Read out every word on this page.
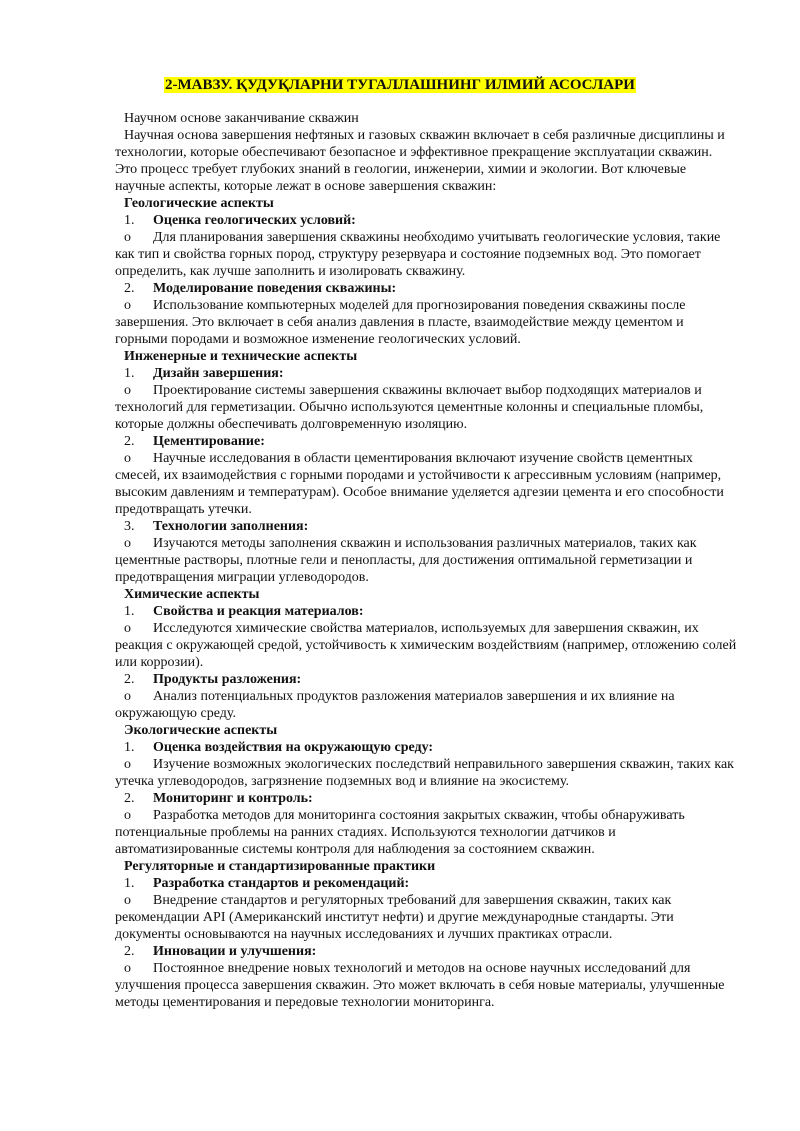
2-МАВЗУ. ҚУДУҚЛАРНИ ТУГАЛЛАШНИНГ ИЛМИЙ АСОСЛАРИ

Научном основе заканчивание скважин

Научная основа завершения нефтяных и газовых скважин включает в себя различные дисциплины и технологии, которые обеспечивают безопасное и эффективное прекращение эксплуатации скважин. Это процесс требует глубоких знаний в геологии, инженерии, химии и экологии. Вот ключевые научные аспекты, которые лежат в основе завершения скважин:

Геологические аспекты

1.	Оценка геологических условий:

o Для планирования завершения скважины необходимо учитывать геологические условия, такие как тип и свойства горных пород, структуру резервуара и состояние подземных вод. Это помогает определить, как лучше заполнить и изолировать скважину.

2.	Моделирование поведения скважины:

o Использование компьютерных моделей для прогнозирования поведения скважины после завершения. Это включает в себя анализ давления в пласте, взаимодействие между цементом и горными породами и возможное изменение геологических условий.

Инженерные и технические аспекты

1.	Дизайн завершения:

o Проектирование системы завершения скважины включает выбор подходящих материалов и технологий для герметизации. Обычно используются цементные колонны и специальные пломбы, которые должны обеспечивать долговременную изоляцию.

2.	Цементирование:

o Научные исследования в области цементирования включают изучение свойств цементных смесей, их взаимодействия с горными породами и устойчивости к агрессивным условиям (например, высоким давлениям и температурам). Особое внимание уделяется адгезии цемента и его способности предотвращать утечки.

3.	Технологии заполнения:

o Изучаются методы заполнения скважин и использования различных материалов, таких как цементные растворы, плотные гели и пенопласты, для достижения оптимальной герметизации и предотвращения миграции углеводородов.

Химические аспекты

1.	Свойства и реакция материалов:

o Исследуются химические свойства материалов, используемых для завершения скважин, их реакция с окружающей средой, устойчивость к химическим воздействиям (например, отложению солей или коррозии).

2.	Продукты разложения:

o Анализ потенциальных продуктов разложения материалов завершения и их влияние на окружающую среду.

Экологические аспекты

1.	Оценка воздействия на окружающую среду:

o Изучение возможных экологических последствий неправильного завершения скважин, таких как утечка углеводородов, загрязнение подземных вод и влияние на экосистему.

2.	Мониторинг и контроль:

o Разработка методов для мониторинга состояния закрытых скважин, чтобы обнаруживать потенциальные проблемы на ранних стадиях. Используются технологии датчиков и автоматизированные системы контроля для наблюдения за состоянием скважин.

Регуляторные и стандартизированные практики

1.	Разработка стандартов и рекомендаций:

o Внедрение стандартов и регуляторных требований для завершения скважин, таких как рекомендации API (Американский институт нефти) и другие международные стандарты. Эти документы основываются на научных исследованиях и лучших практиках отрасли.

2.	Инновации и улучшения:

o Постоянное внедрение новых технологий и методов на основе научных исследований для улучшения процесса завершения скважин. Это может включать в себя новые материалы, улучшенные методы цементирования и передовые технологии мониторинга.
